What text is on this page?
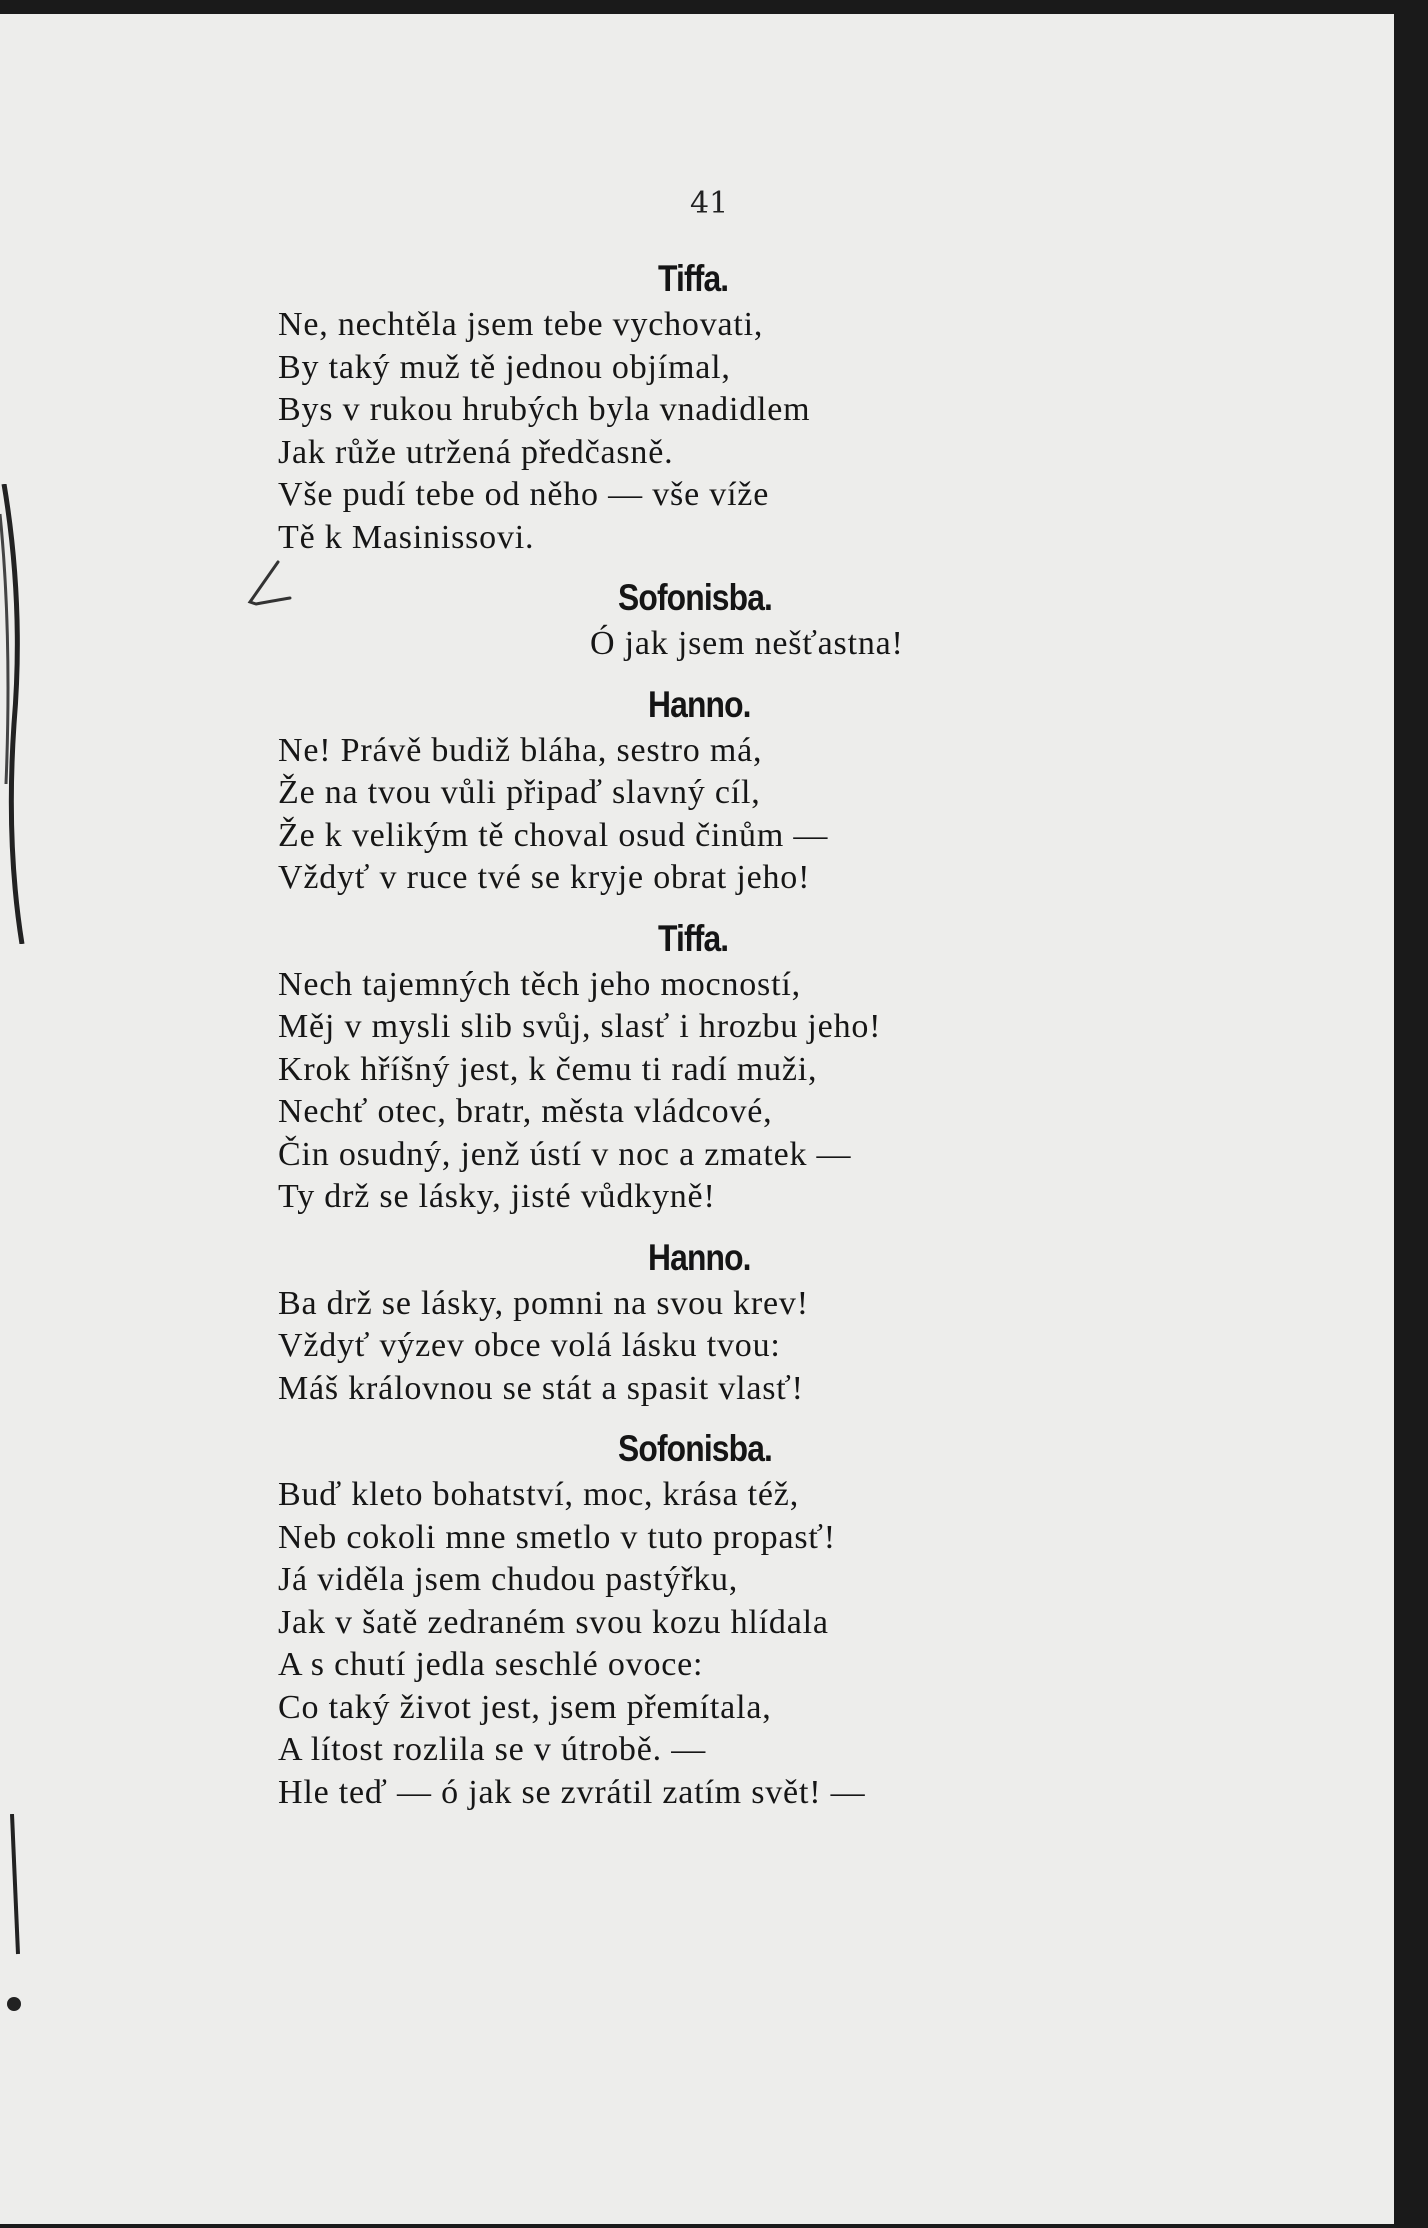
41
Tiffa.
Ne, nechtěla jsem tebe vychovati,
By taký muž tě jednou objímal,
Bys v rukou hrubých byla vnadidlem
Jak růže utržená předčasně.
Vše pudí tebe od něho — vše víže
Tě k Masinissovi.
Sofonisba.
Ó jak jsem nešťastna!
Hanno.
Ne! Právě budiž bláha, sestro má,
Že na tvou vůli připaď slavný cíl,
Že k velikým tě choval osud činům —
Vždyť v ruce tvé se kryje obrat jeho!
Tiffa.
Nech tajemných těch jeho mocností,
Měj v mysli slib svůj, slasť i hrozbu jeho!
Krok hříšný jest, k čemu ti radí muži,
Nechť otec, bratr, města vládcové,
Čin osudný, jenž ústí v noc a zmatek —
Ty drž se lásky, jisté vůdkyně!
Hanno.
Ba drž se lásky, pomni na svou krev!
Vždyť výzev obce volá lásku tvou:
Máš královnou se stát a spasit vlasť!
Sofonisba.
Buď kleto bohatství, moc, krása též,
Neb cokoli mne smetlo v tuto propasť!
Já viděla jsem chudou pastýřku,
Jak v šatě zedraném svou kozu hlídala
A s chutí jedla seschlé ovoce:
Co taký život jest, jsem přemítala,
A lítost rozlila se v útrobě. —
Hle teď — ó jak se zvrátil zatím svět! —
